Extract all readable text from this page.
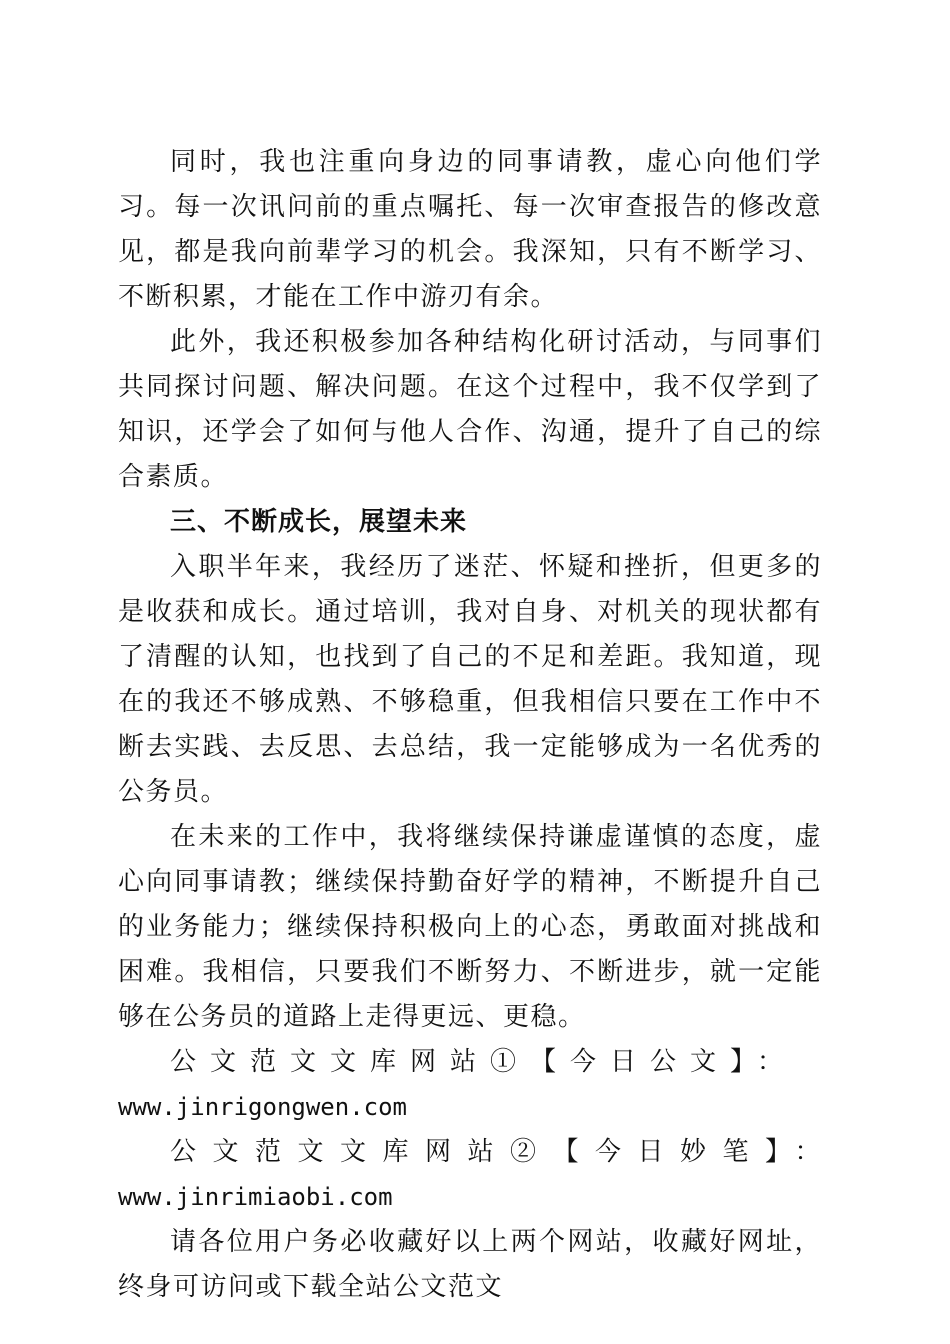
同时，我也注重向身边的同事请教，虚心向他们学习。每一次讯问前的重点嘱托、每一次审查报告的修改意见，都是我向前辈学习的机会。我深知，只有不断学习、不断积累，才能在工作中游刃有余。

此外，我还积极参加各种结构化研讨活动，与同事们共同探讨问题、解决问题。在这个过程中，我不仅学到了知识，还学会了如何与他人合作、沟通，提升了自己的综合素质。

三、不断成长，展望未来

入职半年来，我经历了迷茫、怀疑和挫折，但更多的是收获和成长。通过培训，我对自身、对机关的现状都有了清醒的认知，也找到了自己的不足和差距。我知道，现在的我还不够成熟、不够稳重，但我相信只要在工作中不断去实践、去反思、去总结，我一定能够成为一名优秀的公务员。

在未来的工作中，我将继续保持谦虚谨慎的态度，虚心向同事请教；继续保持勤奋好学的精神，不断提升自己的业务能力；继续保持积极向上的心态，勇敢面对挑战和困难。我相信，只要我们不断努力、不断进步，就一定能够在公务员的道路上走得更远、更稳。

公文范文文库网站①【今日公文】：
www.jinrigongwen.com

公文范文文库网站②【今日妙笔】：www.jinrimiaobi.com

请各位用户务必收藏好以上两个网站，收藏好网址，终身可访问或下载全站公文范文
